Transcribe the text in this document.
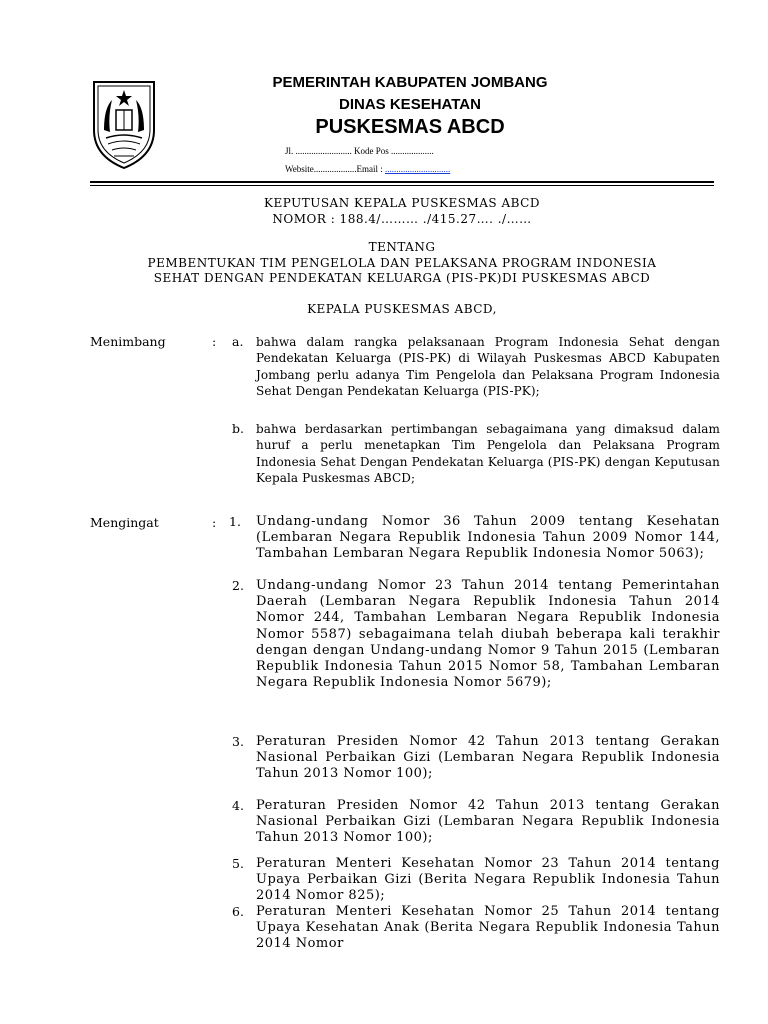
PEMERINTAH KABUPATEN JOMBANG
DINAS KESEHATAN
PUSKESMAS ABCD
Jl. ......................... Kode Pos ...................
Website...................Email : .............................
KEPUTUSAN KEPALA PUSKESMAS ABCD
NOMOR : 188.4/……… ./415.27…. ./……
TENTANG
PEMBENTUKAN TIM PENGELOLA DAN PELAKSANA PROGRAM INDONESIA
SEHAT DENGAN PENDEKATAN KELUARGA (PIS-PK)DI PUSKESMAS ABCD
KEPALA PUSKESMAS ABCD,
Menimbang	: a. bahwa dalam rangka pelaksanaan Program Indonesia Sehat dengan Pendekatan Keluarga (PIS-PK) di Wilayah Puskesmas ABCD Kabupaten Jombang perlu adanya Tim Pengelola dan Pelaksana Program Indonesia Sehat Dengan Pendekatan Keluarga (PIS-PK);
b. bahwa berdasarkan pertimbangan sebagaimana yang dimaksud dalam huruf a perlu menetapkan Tim Pengelola dan Pelaksana Program Indonesia Sehat Dengan Pendekatan Keluarga (PIS-PK) dengan Keputusan Kepala Puskesmas ABCD;
Mengingat	: 1. Undang-undang Nomor 36 Tahun 2009 tentang Kesehatan (Lembaran Negara Republik Indonesia Tahun 2009 Nomor 144, Tambahan Lembaran Negara Republik Indonesia Nomor 5063);
2. Undang-undang Nomor 23 Tahun 2014 tentang Pemerintahan Daerah (Lembaran Negara Republik Indonesia Tahun 2014 Nomor 244, Tambahan Lembaran Negara Republik Indonesia Nomor 5587) sebagaimana telah diubah beberapa kali terakhir dengan dengan Undang-undang Nomor 9 Tahun 2015 (Lembaran Republik Indonesia Tahun 2015 Nomor 58, Tambahan Lembaran Negara Republik Indonesia Nomor 5679);
3. Peraturan Presiden Nomor 42 Tahun 2013 tentang Gerakan Nasional Perbaikan Gizi (Lembaran Negara Republik Indonesia Tahun 2013 Nomor 100);
4. Peraturan Presiden Nomor 42 Tahun 2013 tentang Gerakan Nasional Perbaikan Gizi (Lembaran Negara Republik Indonesia Tahun 2013 Nomor 100);
5. Peraturan Menteri Kesehatan Nomor 23 Tahun 2014 tentang Upaya Perbaikan Gizi (Berita Negara Republik Indonesia Tahun 2014 Nomor 825);
6. Peraturan Menteri Kesehatan Nomor 25 Tahun 2014 tentang Upaya Kesehatan Anak (Berita Negara Republik Indonesia Tahun 2014 Nomor
